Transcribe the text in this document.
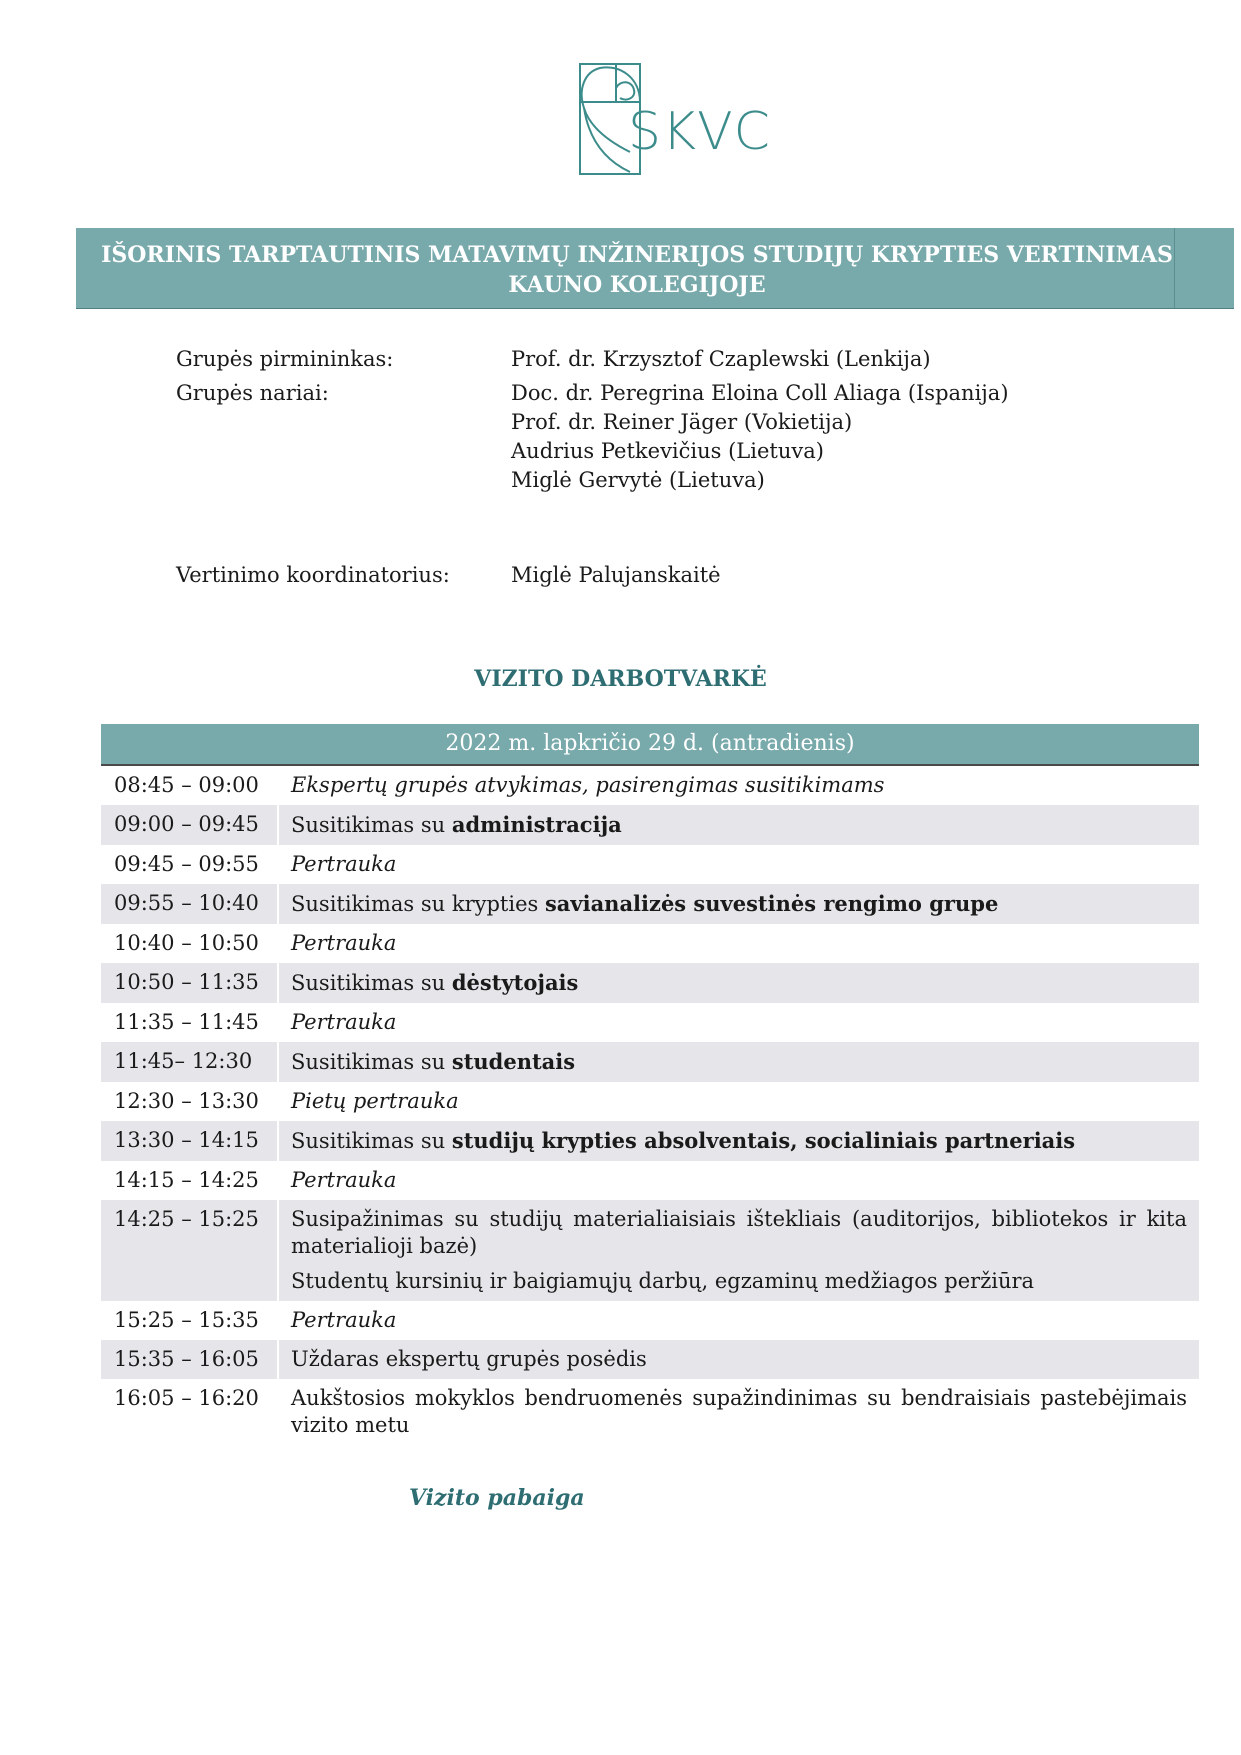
SKVC
IŠORINIS TARPTAUTINIS MATAVIMŲ INŽINERIJOS STUDIJŲ KRYPTIES VERTINIMAS KAUNO KOLEGIJOJE
Grupės pirmininkas:	Prof. dr. Krzysztof Czaplewski (Lenkija)
Grupės nariai:	Doc. dr. Peregrina Eloina Coll Aliaga (Ispanija)
Prof. dr. Reiner Jäger (Vokietija)
Audrius Petkevičius (Lietuva)
Miglė Gervytė (Lietuva)
Vertinimo koordinatorius:	Miglė Palujanskaitė
VIZITO DARBOTVARKĖ
2022 m. lapkričio 29 d. (antradienis)
08:45 – 09:00 Ekspertų grupės atvykimas, pasirengimas susitikimams
09:00 – 09:45 Susitikimas su administracija
09:45 – 09:55 Pertrauka
09:55 – 10:40 Susitikimas su krypties savianalizės suvestinės rengimo grupe
10:40 – 10:50 Pertrauka
10:50 – 11:35 Susitikimas su dėstytojais
11:35 – 11:45 Pertrauka
11:45– 12:30 Susitikimas su studentais
12:30 – 13:30 Pietų pertrauka
13:30 – 14:15 Susitikimas su studijų krypties absolventais, socialiniais partneriais
14:15 – 14:25 Pertrauka
14:25 – 15:25 Susipažinimas su studijų materialiaisiais ištekliais (auditorijos, bibliotekos ir kita materialioji bazė)

Studentų kursinių ir baigiamųjų darbų, egzaminų medžiagos peržiūra

15:25 – 15:35 Pertrauka
15:35 – 16:05 Uždaras ekspertų grupės posėdis
16:05 – 16:20 Aukštosios mokyklos bendruomenės supažindinimas su bendraisiais pastebėjimais vizito metu
Vizito pabaiga
